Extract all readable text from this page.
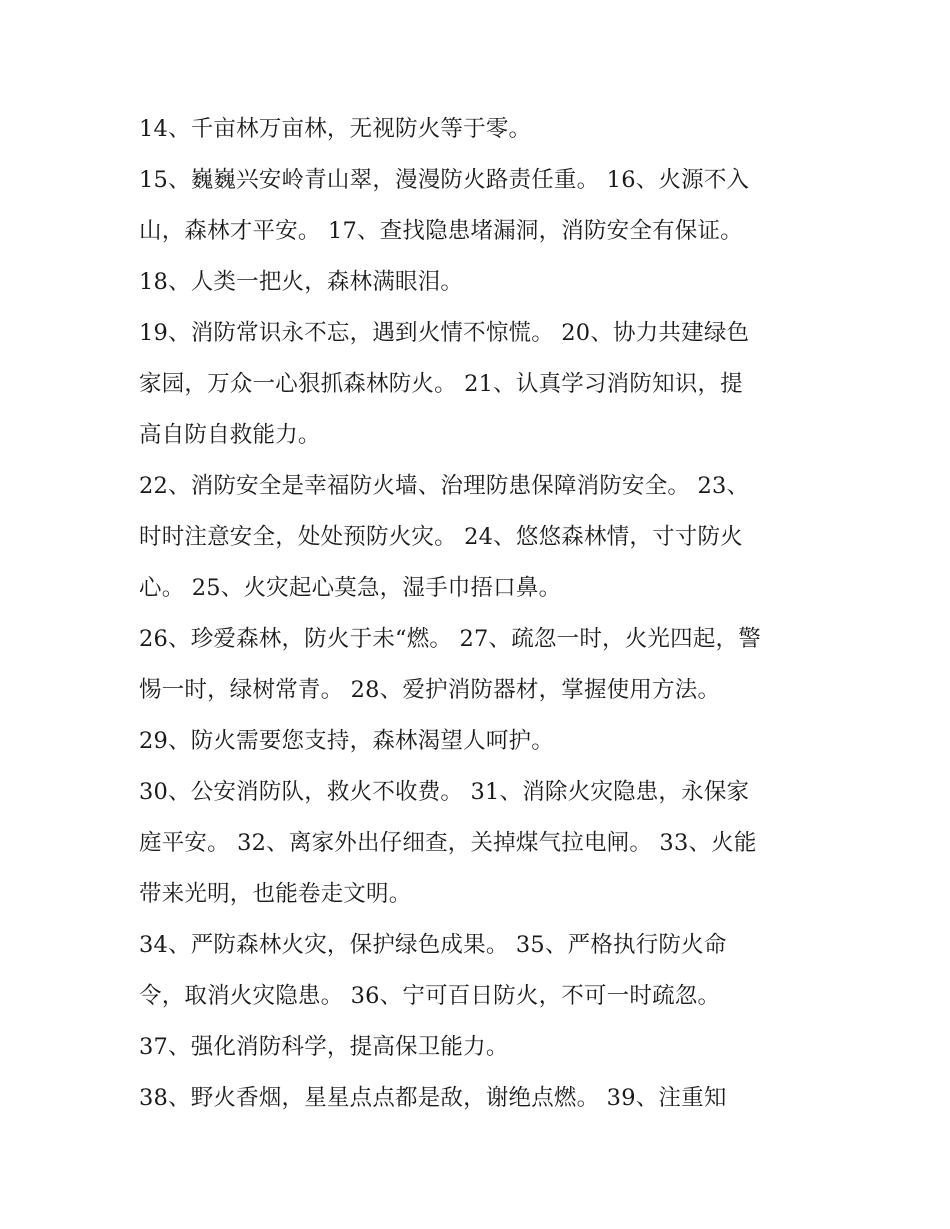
14、千亩林万亩林，无视防火等于零。
15、巍巍兴安岭青山翠，漫漫防火路责任重。 16、火源不入
山，森林才平安。 17、查找隐患堵漏洞，消防安全有保证。
18、人类一把火，森林满眼泪。
19、消防常识永不忘，遇到火情不惊慌。 20、协力共建绿色
家园，万众一心狠抓森林防火。 21、认真学习消防知识，提
高自防自救能力。
22、消防安全是幸福防火墙、治理防患保障消防安全。 23、
时时注意安全，处处预防火灾。 24、悠悠森林情，寸寸防火
心。 25、火灾起心莫急，湿手巾捂口鼻。
26、珍爱森林，防火于未“燃。 27、疏忽一时，火光四起，警
惕一时，绿树常青。 28、爱护消防器材，掌握使用方法。
29、防火需要您支持，森林渴望人呵护。
30、公安消防队，救火不收费。 31、消除火灾隐患，永保家
庭平安。 32、离家外出仔细查，关掉煤气拉电闸。 33、火能
带来光明，也能卷走文明。
34、严防森林火灾，保护绿色成果。 35、严格执行防火命
令，取消火灾隐患。 36、宁可百日防火，不可一时疏忽。
37、强化消防科学，提高保卫能力。
38、野火香烟，星星点点都是敌，谢绝点燃。 39、注重知
